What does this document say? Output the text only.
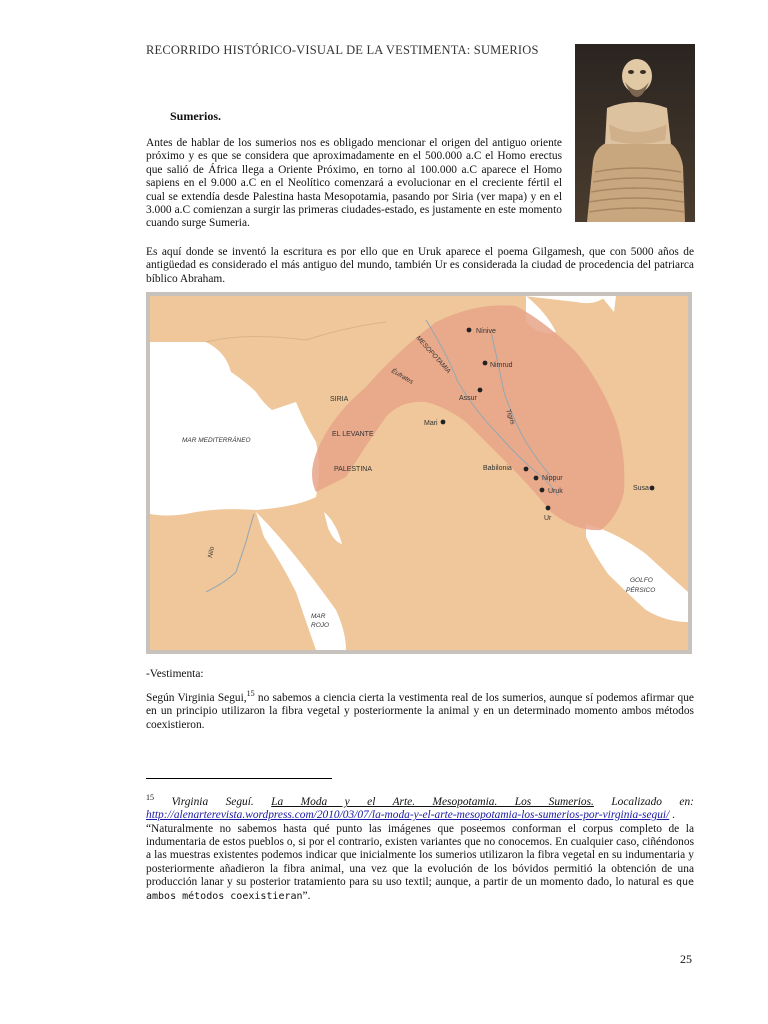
RECORRIDO HISTÓRICO-VISUAL DE LA VESTIMENTA: SUMERIOS
Sumerios.
Antes de hablar de los sumerios nos es obligado mencionar el origen del antiguo oriente próximo y es que se considera que aproximadamente en el 500.000 a.C el Homo erectus que salió de África llega a Oriente Próximo, en torno al 100.000 a.C aparece el Homo sapiens en el 9.000 a.C en el Neolítico comenzará a evolucionar en el creciente fértil el cual se extendía desde Palestina hasta Mesopotamia, pasando por Siria (ver mapa) y en el 3.000 a.C comienzan a surgir las primeras ciudades-estado, es justamente en este momento cuando surge Sumeria.
Es aquí donde se inventó la escritura es por ello que en Uruk aparece el poema Gilgamesh, que con 5000 años de antigüedad es considerado el más antiguo del mundo, también Ur es considerada la ciudad de procedencia del patriarca bíblico Abraham.
Nínive
Nimrud
Assur
Mari
Babilonia
Nippur
Uruk
Ur
Susa
SIRIA
EL LEVANTE
PALESTINA
MESOPOTAMIA
Éufrates
Tigris
Nilo
MAR MEDITERRÁNEO
MAR
ROJO
GOLFO
PÉRSICO
-Vestimenta:
Según Virginia Segui,$^{15}$ no sabemos a ciencia cierta la vestimenta real de los sumerios, aunque sí podemos afirmar que en un principio utilizaron la fibra vegetal y posteriormente la animal y en un determinado momento ambos métodos coexistieron.
$^{15}$ Virginia Seguí. La Moda y el Arte. Mesopotamia. Los Sumerios. Localizado en: http://alenarterevista.wordpress.com/2010/03/07/la-moda-y-el-arte-mesopotamia-los-sumerios-por-virginia-segui/ .
“Naturalmente no sabemos hasta qué punto las imágenes que poseemos conforman el corpus completo de la indumentaria de estos pueblos o, si por el contrario, existen variantes que no conocemos. En cualquier caso, ciñéndonos a las muestras existentes podemos indicar que inicialmente los sumerios utilizaron la fibra vegetal en su indumentaria y posteriormente añadieron la fibra animal, una vez que la evolución de los bóvidos permitió la obtención de una producción lanar y su posterior tratamiento para su uso textil; aunque, a partir de un momento dado, lo natural es que ambos métodos coexistieran”.
25
